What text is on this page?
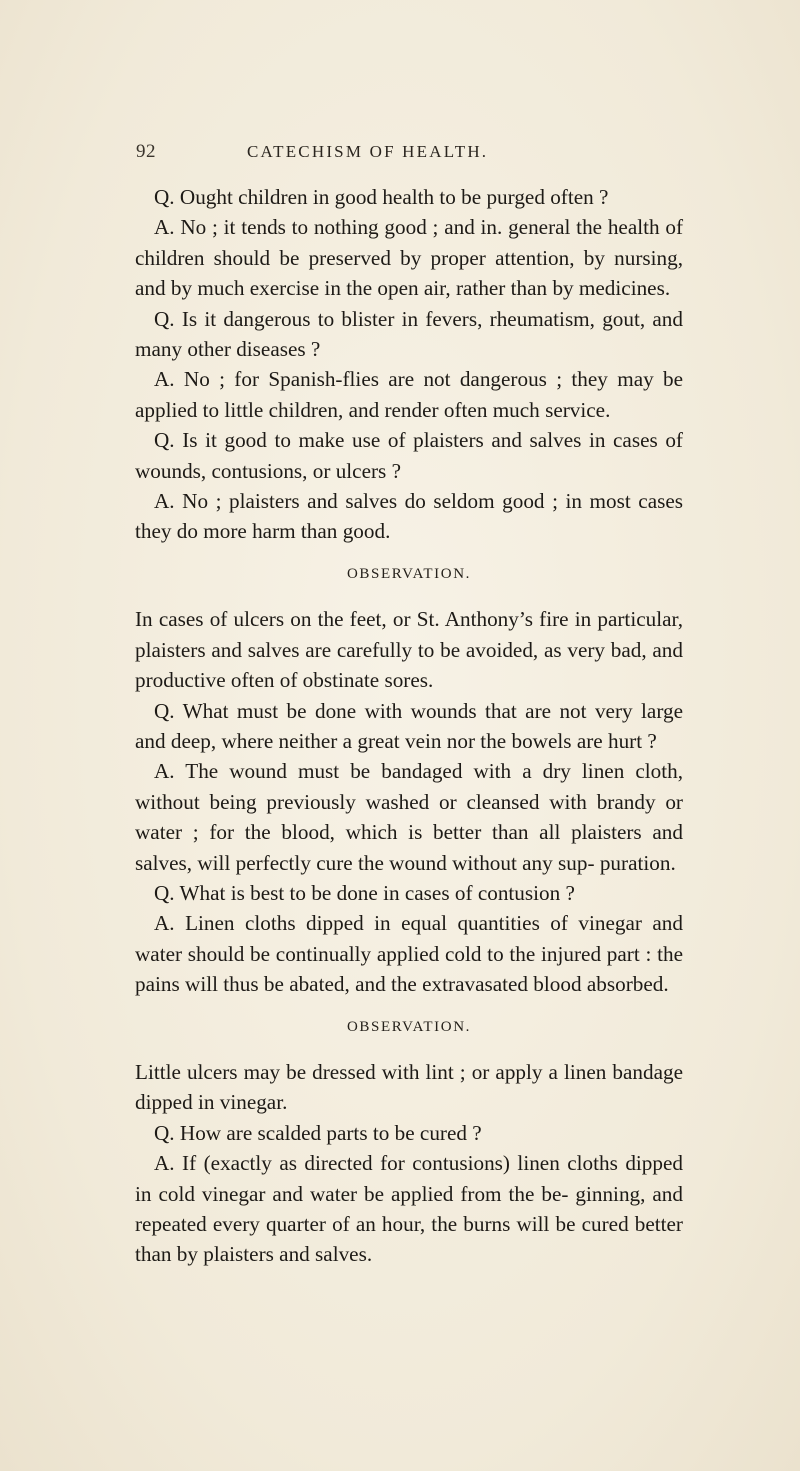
92	CATECHISM OF HEALTH.

Q. Ought children in good health to be purged often ?

A. No ; it tends to nothing good ; and in. general the health of children should be preserved by proper attention, by nursing, and by much exercise in the open air, rather than by medicines.

Q. Is it dangerous to blister in fevers, rheumatism, gout, and many other diseases ?

A. No ; for Spanish-flies are not dangerous ; they may be applied to little children, and render often much service.

Q. Is it good to make use of plaisters and salves in cases of wounds, contusions, or ulcers ?

A. No ; plaisters and salves do seldom good ; in most cases they do more harm than good.

OBSERVATION.

In cases of ulcers on the feet, or St. Anthony’s fire in particular, plaisters and salves are carefully to be avoided, as very bad, and productive often of obstinate sores.

Q. What must be done with wounds that are not very large and deep, where neither a great vein nor the bowels are hurt ?

A. The wound must be bandaged with a dry linen cloth, without being previously washed or cleansed with brandy or water ; for the blood, which is better than all plaisters and salves, will perfectly cure the wound without any sup- puration.

Q. What is best to be done in cases of contusion ?

A. Linen cloths dipped in equal quantities of vinegar and water should be continually applied cold to the injured part : the pains will thus be abated, and the extravasated blood absorbed.

OBSERVATION.

Little ulcers may be dressed with lint ; or apply a linen bandage dipped in vinegar.

Q. How are scalded parts to be cured ?

A. If (exactly as directed for contusions) linen cloths dipped in cold vinegar and water be applied from the be- ginning, and repeated every quarter of an hour, the burns will be cured better than by plaisters and salves.
